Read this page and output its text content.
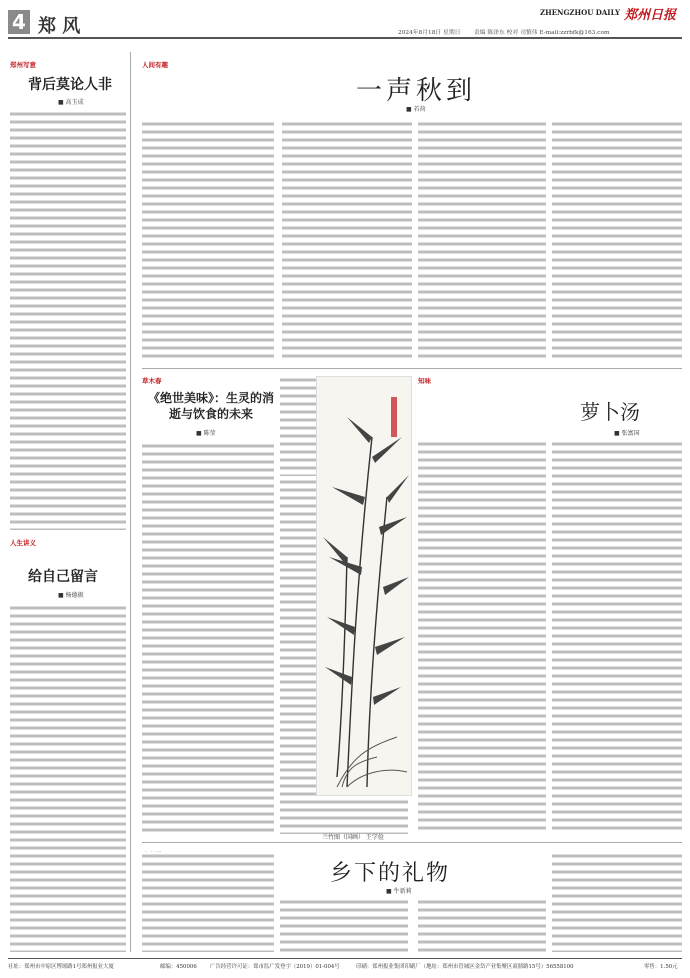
4 郑 风
ZHENGZHOU DAILY 郑州日报
2024年8月18日 星期日 责编 陈泽东 校对 司慎伟 E-mail:zzrbfk@163.com
郑州写意
背后莫论人非
■ 高玉成
人生讲义
给自己留言
■ 杨德振
人间有趣
一声秋到
■ 若荷
草木春
《绝世美味》：生灵的消逝与饮食的未来
■ 陈莹
兰竹图（国画） 王学俭
知味
萝卜汤
■ 张富国
乡下的礼物
■ 牛新莉
社址：郑州市中原区博颂路1号郑州报业大厦	邮编：450006 广告经营许可证：郑市监广发登字（2019）01-004号	印刷：郑州报业集团印刷厂（地址：郑州市管城区金岱产业集聚区商鼎路15号）56558100	零售：1.50元
